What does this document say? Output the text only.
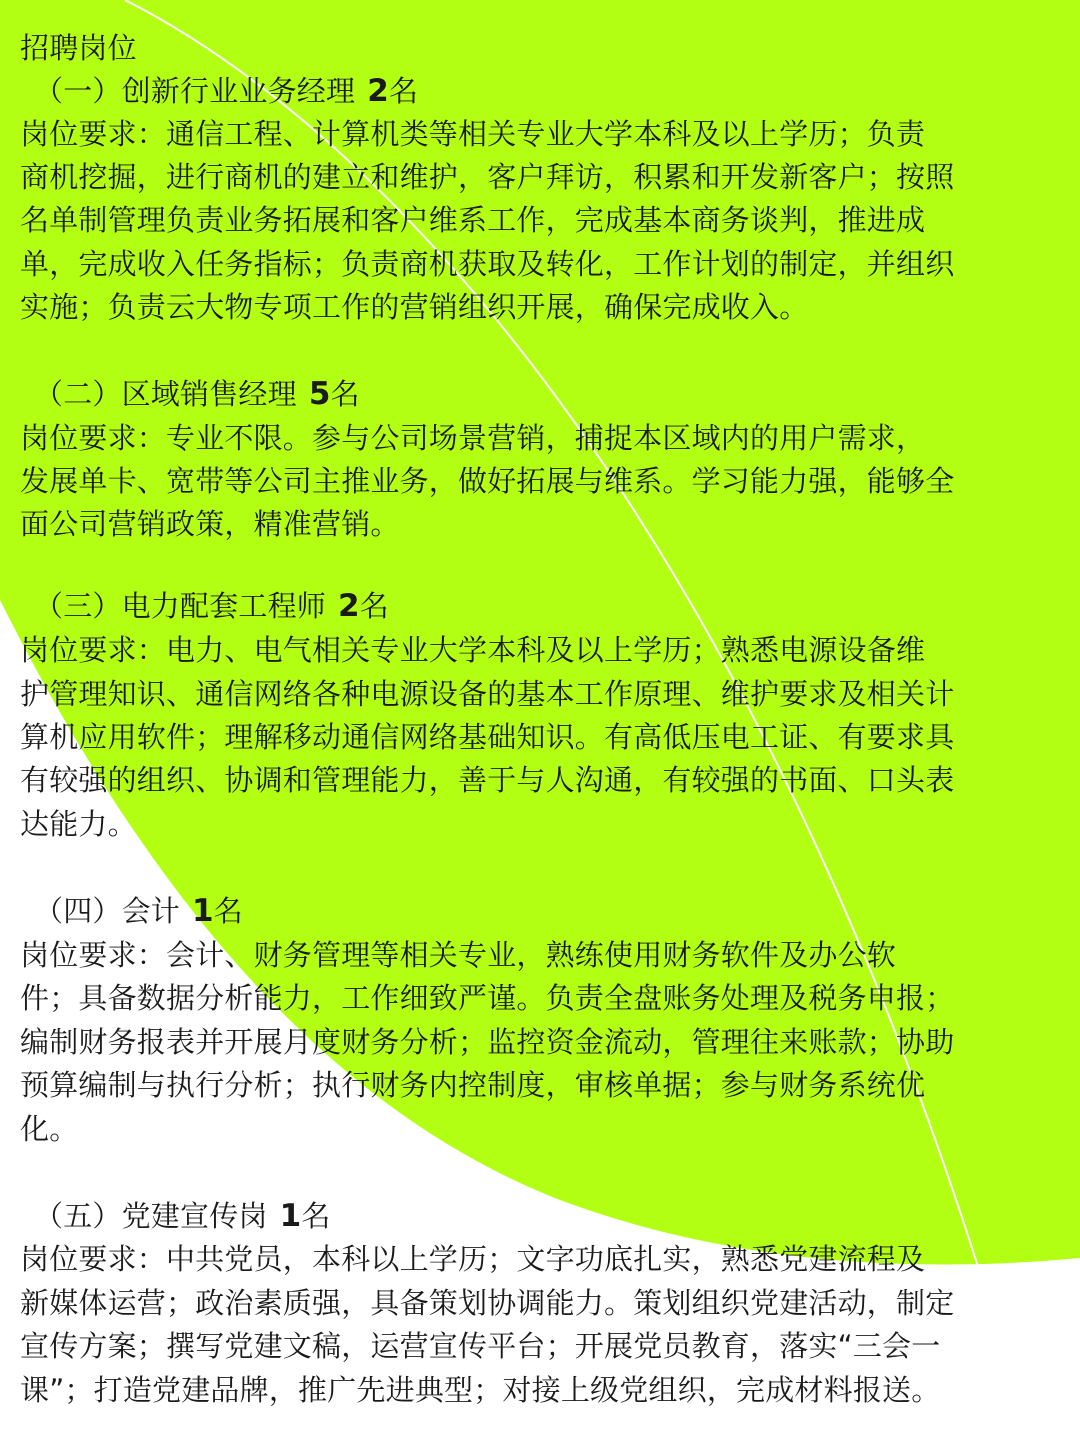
招聘岗位
（一）创新行业业务经理 2名
岗位要求：通信工程、计算机类等相关专业大学本科及以上学历；负责
商机挖掘，进行商机的建立和维护，客户拜访，积累和开发新客户；按照
名单制管理负责业务拓展和客户维系工作，完成基本商务谈判，推进成
单，完成收入任务指标；负责商机获取及转化，工作计划的制定，并组织
实施；负责云大物专项工作的营销组织开展，确保完成收入。
（二）区域销售经理 5名
岗位要求：专业不限。参与公司场景营销，捕捉本区域内的用户需求，
发展单卡、宽带等公司主推业务，做好拓展与维系。学习能力强，能够全
面公司营销政策，精准营销。
（三）电力配套工程师 2名
岗位要求：电力、电气相关专业大学本科及以上学历；熟悉电源设备维
护管理知识、通信网络各种电源设备的基本工作原理、维护要求及相关计
算机应用软件；理解移动通信网络基础知识。有高低压电工证、有要求具
有较强的组织、协调和管理能力，善于与人沟通，有较强的书面、口头表
达能力。
（四）会计 1名
岗位要求：会计、财务管理等相关专业，熟练使用财务软件及办公软
件；具备数据分析能力，工作细致严谨。负责全盘账务处理及税务申报；
编制财务报表并开展月度财务分析；监控资金流动，管理往来账款；协助
预算编制与执行分析；执行财务内控制度，审核单据；参与财务系统优
化。
（五）党建宣传岗 1名
岗位要求：中共党员，本科以上学历；文字功底扎实，熟悉党建流程及
新媒体运营；政治素质强，具备策划协调能力。策划组织党建活动，制定
宣传方案；撰写党建文稿，运营宣传平台；开展党员教育，落实“三会一
课”；打造党建品牌，推广先进典型；对接上级党组织，完成材料报送。
